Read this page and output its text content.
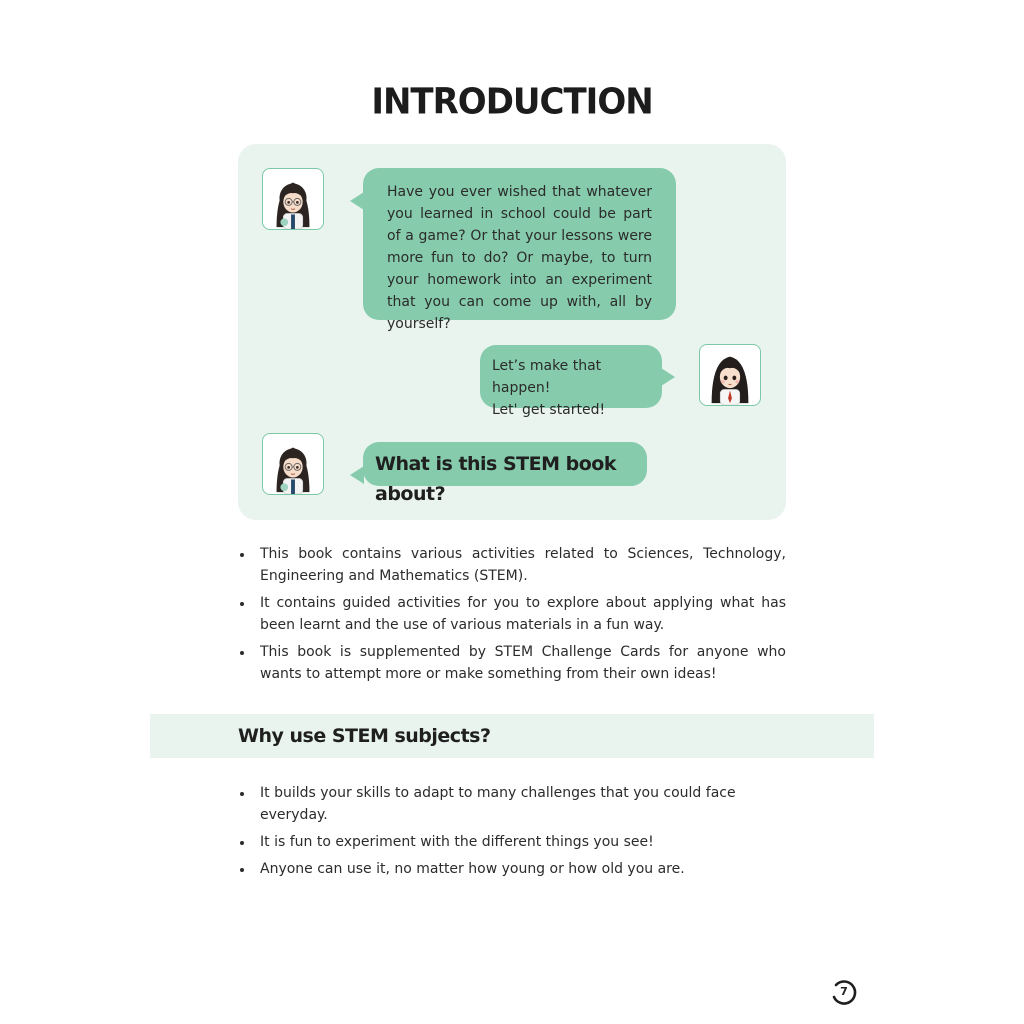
INTRODUCTION

Have you ever wished that whatever you learned in school could be part of a game? Or that your lessons were more fun to do? Or maybe, to turn your homework into an experiment that you can come up with, all by yourself?

Let’s make that happen!

Let' get started!

What is this STEM book about?

This book contains various activities related to Sciences, Technology, Engineering and Mathematics (STEM).
It contains guided activities for you to explore about applying what has been learnt and the use of various materials in a fun way.
This book is supplemented by STEM Challenge Cards for anyone who wants to attempt more or make something from their own ideas!
Why use STEM subjects?
It builds your skills to adapt to many challenges that you could face everyday.
It is fun to experiment with the different things you see!
Anyone can use it, no matter how young or how old you are.
7
